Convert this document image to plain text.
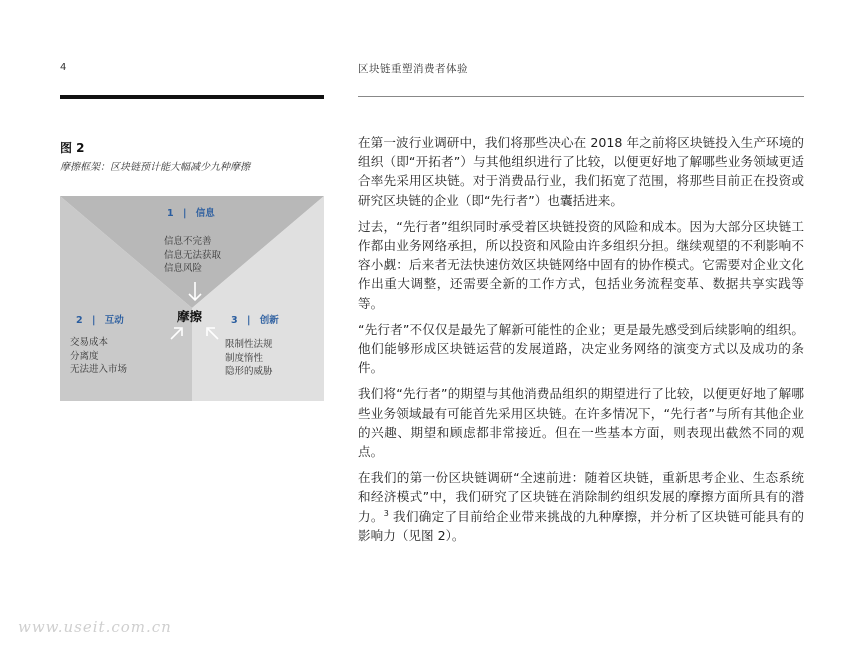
4	区块链重塑消费者体验
图 2
摩擦框架：区块链预计能大幅减少九种摩擦
1 | 信息
信息不完善
信息无法获取
信息风险
2 | 互动
交易成本
分离度
无法进入市场
3 | 创新
限制性法规
制度惰性
隐形的威胁
摩擦

在第一波行业调研中，我们将那些决心在 2018 年之前将区块链投入生产环境的组织（即“开拓者”）与其他组织进行了比较，以便更好地了解哪些业务领域更适合率先采用区块链。对于消费品行业，我们拓宽了范围，将那些目前正在投资或研究区块链的企业（即“先行者”）也囊括进来。

过去，“先行者”组织同时承受着区块链投资的风险和成本。因为大部分区块链工作都由业务网络承担，所以投资和风险由许多组织分担。继续观望的不利影响不容小觑：后来者无法快速仿效区块链网络中固有的协作模式。它需要对企业文化作出重大调整，还需要全新的工作方式，包括业务流程变革、数据共享实践等等。

“先行者”不仅仅是最先了解新可能性的企业；更是最先感受到后续影响的组织。他们能够形成区块链运营的发展道路，决定业务网络的演变方式以及成功的条件。

我们将“先行者”的期望与其他消费品组织的期望进行了比较，以便更好地了解哪些业务领域最有可能首先采用区块链。在许多情况下，“先行者”与所有其他企业的兴趣、期望和顾虑都非常接近。但在一些基本方面，则表现出截然不同的观点。

在我们的第一份区块链调研“全速前进：随着区块链，重新思考企业、生态系统和经济模式”中，我们研究了区块链在消除制约组织发展的摩擦方面所具有的潜力。$^3$ 我们确定了目前给企业带来挑战的九种摩擦，并分析了区块链可能具有的影响力（见图 2）。

www.useit.com.cn
